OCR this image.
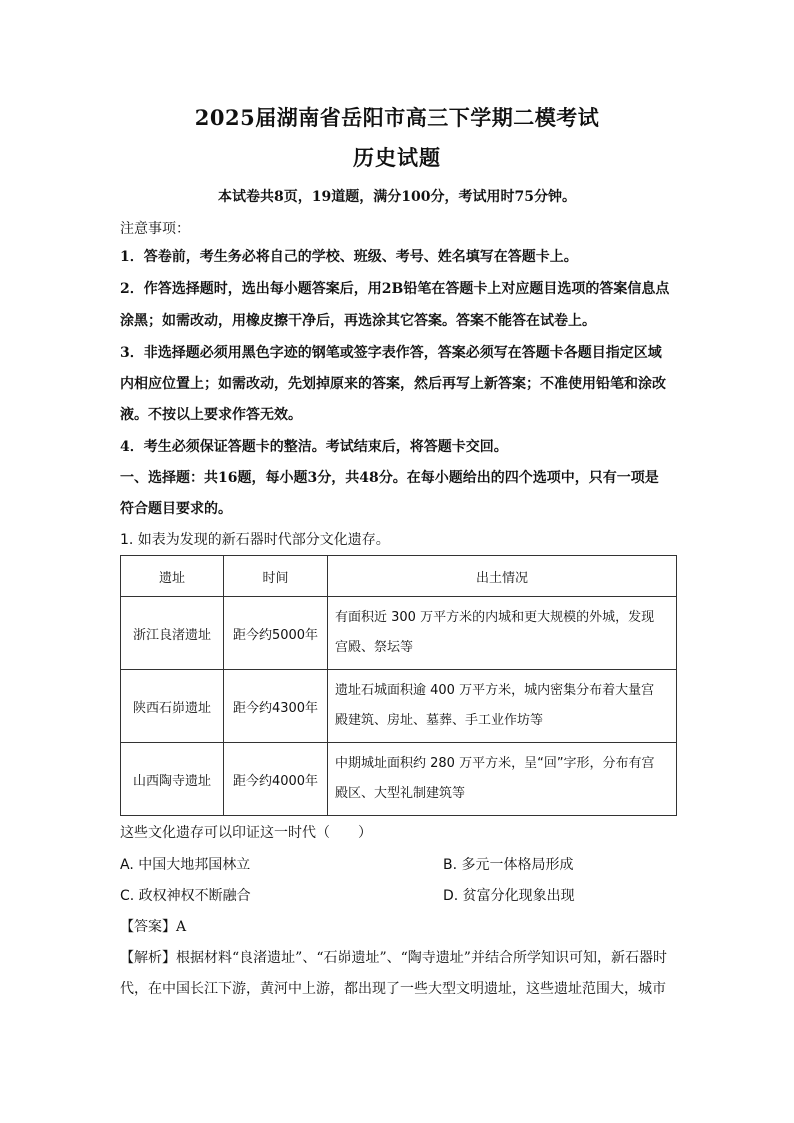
2025届湖南省岳阳市高三下学期二模考试
历史试题
本试卷共8页，19道题，满分100分，考试用时75分钟。
注意事项：
1．答卷前，考生务必将自己的学校、班级、考号、姓名填写在答题卡上。
2．作答选择题时，选出每小题答案后，用2B铅笔在答题卡上对应题目选项的答案信息点
涂黑；如需改动，用橡皮擦干净后，再选涂其它答案。答案不能答在试卷上。
3．非选择题必须用黑色字迹的钢笔或签字表作答，答案必须写在答题卡各题目指定区域
内相应位置上；如需改动，先划掉原来的答案，然后再写上新答案；不准使用铅笔和涂改
液。不按以上要求作答无效。
4．考生必须保证答题卡的整洁。考试结束后，将答题卡交回。
一、选择题：共16题，每小题3分，共48分。在每小题给出的四个选项中，只有一项是
符合题目要求的。
1. 如表为发现的新石器时代部分文化遗存。
遗址	时间	出土情况
浙江良渚遗址	距今约5000年	有面积近 300 万平方米的内城和更大规模的外城，发现
宫殿、祭坛等
陕西石峁遗址	距今约4300年	遗址石城面积逾 400 万平方米，城内密集分布着大量宫
殿建筑、房址、墓葬、手工业作坊等
山西陶寺遗址	距今约4000年	中期城址面积约 280 万平方米，呈“回”字形，分布有宫
殿区、大型礼制建筑等
这些文化遗存可以印证这一时代（　　）
A. 中国大地邦国林立	B. 多元一体格局形成
C. 政权神权不断融合	D. 贫富分化现象出现
【答案】A
【解析】根据材料“良渚遗址”、“石峁遗址”、“陶寺遗址”并结合所学知识可知，新石器时
代，在中国长江下游，黄河中上游，都出现了一些大型文明遗址，这些遗址范围大，城市
